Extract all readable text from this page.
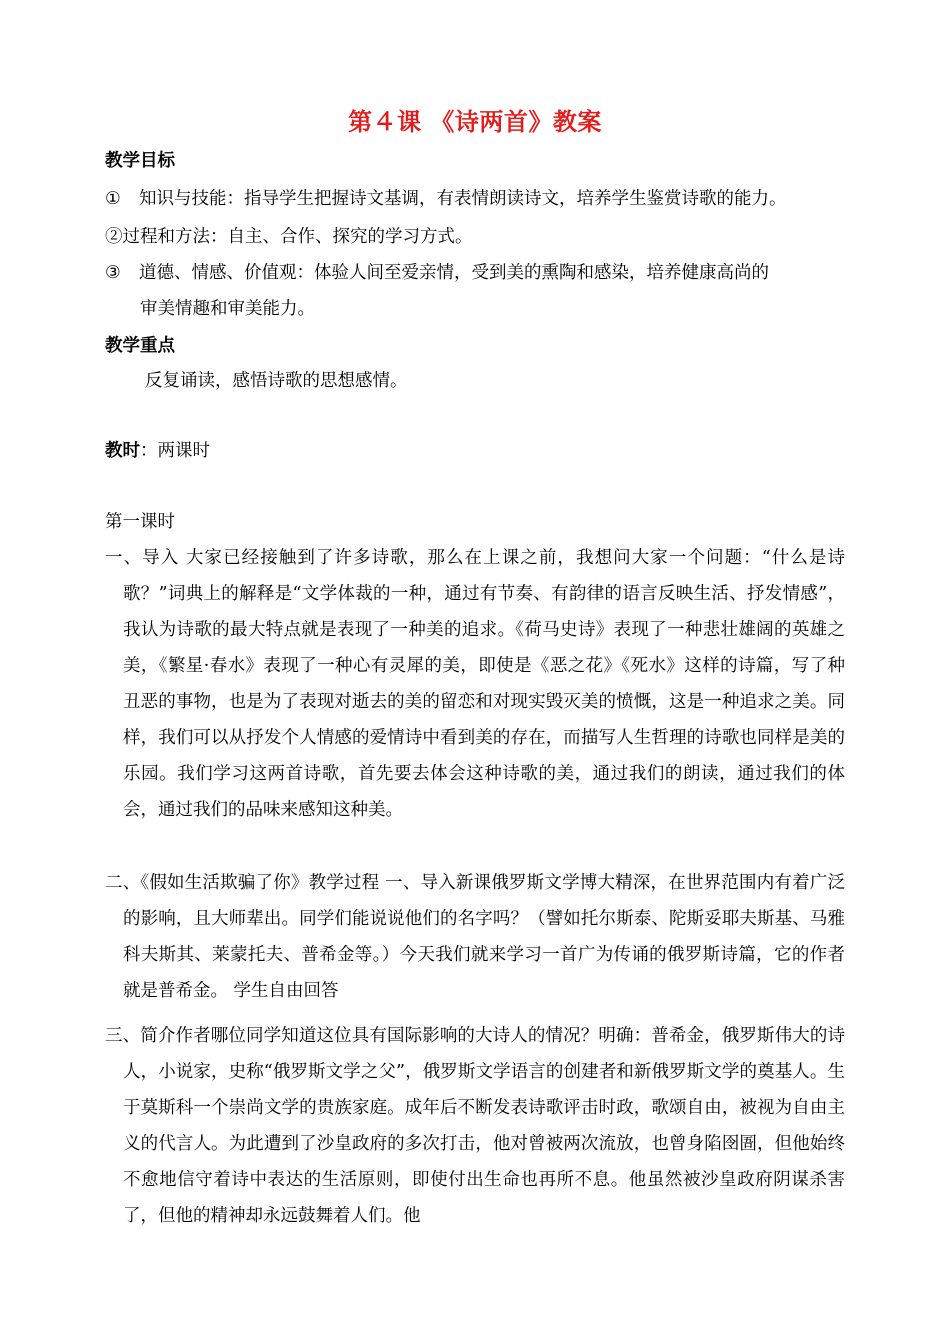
第４课 《诗两首》教案
教学目标
① 知识与技能：指导学生把握诗文基调，有表情朗读诗文，培养学生鉴赏诗歌的能力。
②过程和方法：自主、合作、探究的学习方式。
③ 道德、情感、价值观：体验人间至爱亲情，受到美的熏陶和感染，培养健康高尚的
审美情趣和审美能力。
教学重点
反复诵读，感悟诗歌的思想感情。
教时：两课时
第一课时
一、导入 大家已经接触到了许多诗歌，那么在上课之前，我想问大家一个问题：“什么是诗歌？”词典上的解释是“文学体裁的一种，通过有节奏、有韵律的语言反映生活、抒发情感”，我认为诗歌的最大特点就是表现了一种美的追求。《荷马史诗》表现了一种悲壮雄阔的英雄之美，《繁星·春水》表现了一种心有灵犀的美，即使是《恶之花》《死水》这样的诗篇，写了种丑恶的事物，也是为了表现对逝去的美的留恋和对现实毁灭美的愤慨，这是一种追求之美。同样，我们可以从抒发个人情感的爱情诗中看到美的存在，而描写人生哲理的诗歌也同样是美的乐园。我们学习这两首诗歌，首先要去体会这种诗歌的美，通过我们的朗读，通过我们的体会，通过我们的品味来感知这种美。
二、《假如生活欺骗了你》教学过程 一、导入新课俄罗斯文学博大精深，在世界范围内有着广泛的影响，且大师辈出。同学们能说说他们的名字吗？（譬如托尔斯泰、陀斯妥耶夫斯基、马雅科夫斯其、莱蒙托夫、普希金等。）今天我们就来学习一首广为传诵的俄罗斯诗篇，它的作者就是普希金。 学生自由回答
三、简介作者哪位同学知道这位具有国际影响的大诗人的情况？明确：普希金，俄罗斯伟大的诗人，小说家，史称“俄罗斯文学之父”，俄罗斯文学语言的创建者和新俄罗斯文学的奠基人。生于莫斯科一个崇尚文学的贵族家庭。成年后不断发表诗歌评击时政，歌颂自由，被视为自由主义的代言人。为此遭到了沙皇政府的多次打击，他对曾被两次流放，也曾身陷囹圄，但他始终不愈地信守着诗中表达的生活原则，即使付出生命也再所不息。他虽然被沙皇政府阴谋杀害了，但他的精神却永远鼓舞着人们。他
